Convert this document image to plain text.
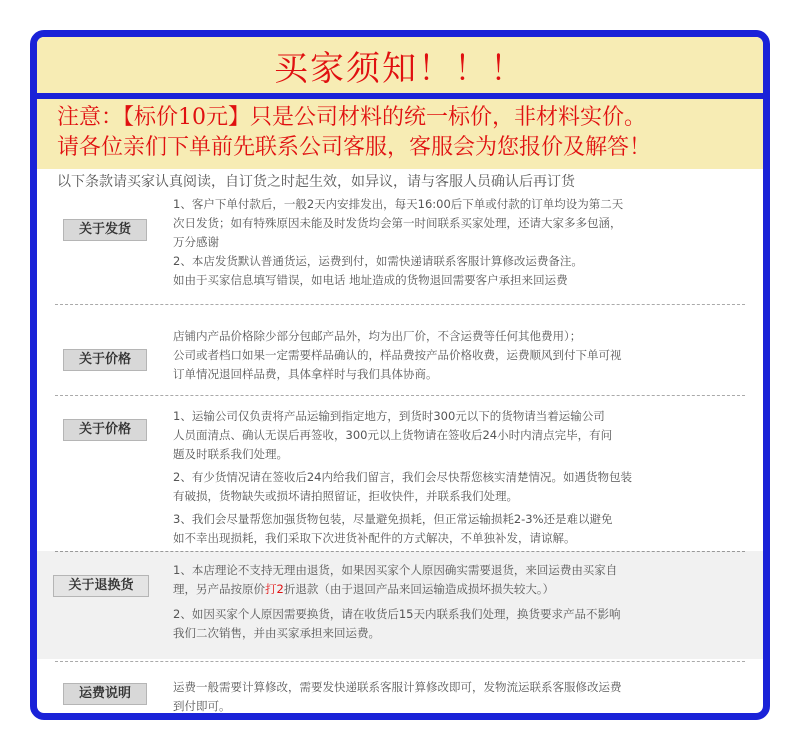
买家须知！！！
注意：【标价10元】只是公司材料的统一标价，非材料实价。
请各位亲们下单前先联系公司客服，客服会为您报价及解答！
以下条款请买家认真阅读，自订货之时起生效，如异议，请与客服人员确认后再订货
关于发货
1、客户下单付款后，一般2天内安排发出，每天16:00后下单或付款的订单均设为第二天
次日发货；如有特殊原因未能及时发货均会第一时间联系买家处理，还请大家多多包涵，
万分感谢
2、本店发货默认普通货运，运费到付，如需快递请联系客服计算修改运费备注。
如由于买家信息填写错误，如电话 地址造成的货物退回需要客户承担来回运费
关于价格
店铺内产品价格除少部分包邮产品外，均为出厂价，不含运费等任何其他费用）；
公司或者档口如果一定需要样品确认的，样品费按产品价格收费，运费顺风到付下单可视
订单情况退回样品费，具体拿样时与我们具体协商。
关于价格
1、运输公司仅负责将产品运输到指定地方，到货时300元以下的货物请当着运输公司
人员面清点、确认无误后再签收，300元以上货物请在签收后24小时内清点完毕，有问
题及时联系我们处理。
2、有少货情况请在签收后24内给我们留言，我们会尽快帮您核实清楚情况。如遇货物包装
有破损，货物缺失或损坏请拍照留证，拒收快件，并联系我们处理。
3、我们会尽量帮您加强货物包装，尽量避免损耗，但正常运输损耗2-3%还是难以避免
如不幸出现损耗，我们采取下次进货补配件的方式解决，不单独补发，请谅解。
关于退换货
1、本店理论不支持无理由退货，如果因买家个人原因确实需要退货，来回运费由买家自
理，另产品按原价打2折退款（由于退回产品来回运输造成损坏损失较大。）
2、如因买家个人原因需要换货，请在收货后15天内联系我们处理，换货要求产品不影响
我们二次销售，并由买家承担来回运费。
运费说明	运费一般需要计算修改，需要发快递联系客服计算修改即可，发物流运联系客服修改运费
到付即可。
